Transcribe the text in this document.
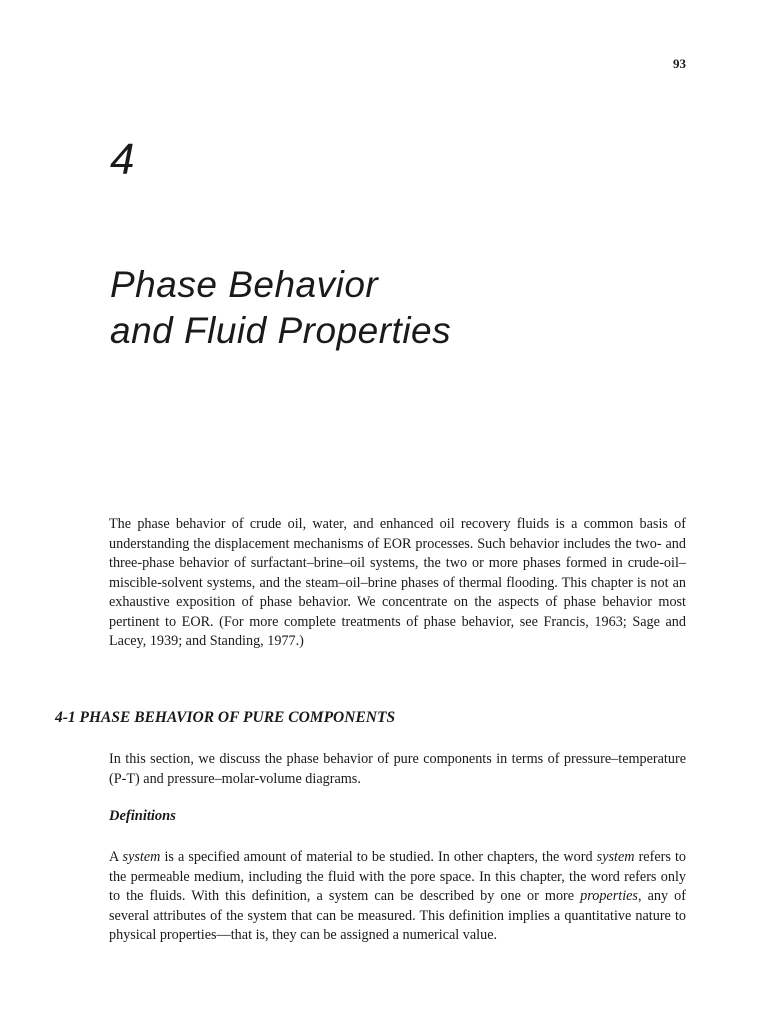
93
4
Phase Behavior
and Fluid Properties

The phase behavior of crude oil, water, and enhanced oil recovery fluids is a common basis of understanding the displacement mechanisms of EOR processes. Such behavior includes the two- and three-phase behavior of surfactant–brine–oil systems, the two or more phases formed in crude-oil–miscible-solvent systems, and the steam–oil–brine phases of thermal flooding. This chapter is not an exhaustive exposition of phase behavior. We concentrate on the aspects of phase behavior most pertinent to EOR. (For more complete treatments of phase behavior, see Francis, 1963; Sage and Lacey, 1939; and Standing, 1977.)

4-1 PHASE BEHAVIOR OF PURE COMPONENTS

In this section, we discuss the phase behavior of pure components in terms of pressure–temperature (P-T) and pressure–molar-volume diagrams.

Definitions

A system is a specified amount of material to be studied. In other chapters, the word system refers to the permeable medium, including the fluid with the pore space. In this chapter, the word refers only to the fluids. With this definition, a system can be described by one or more properties, any of several attributes of the system that can be measured. This definition implies a quantitative nature to physical properties—that is, they can be assigned a numerical value.
